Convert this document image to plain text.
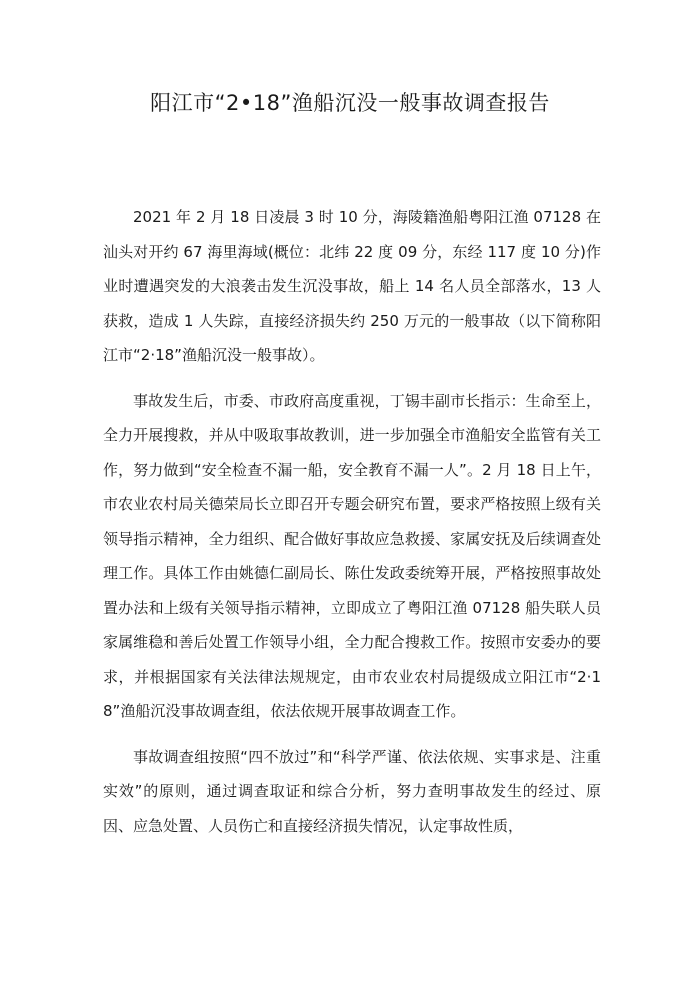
阳江市“2•18”渔船沉没一般事故调查报告

2021 年 2 月 18 日凌晨 3 时 10 分，海陵籍渔船粤阳江渔 07128 在汕头对开约 67 海里海域(概位：北纬 22 度 09 分，东经 117 度 10 分)作业时遭遇突发的大浪袭击发生沉没事故，船上 14 名人员全部落水，13 人获救，造成 1 人失踪，直接经济损失约 250 万元的一般事故（以下简称阳江市“2·18”渔船沉没一般事故）。

事故发生后，市委、市政府高度重视，丁锡丰副市长指示：生命至上，全力开展搜救，并从中吸取事故教训，进一步加强全市渔船安全监管有关工作，努力做到“安全检查不漏一船，安全教育不漏一人”。2 月 18 日上午，市农业农村局关德荣局长立即召开专题会研究布置，要求严格按照上级有关领导指示精神，全力组织、配合做好事故应急救援、家属安抚及后续调查处理工作。具体工作由姚德仁副局长、陈仕发政委统筹开展，严格按照事故处置办法和上级有关领导指示精神，立即成立了粤阳江渔 07128 船失联人员家属维稳和善后处置工作领导小组，全力配合搜救工作。按照市安委办的要求，并根据国家有关法律法规规定，由市农业农村局提级成立阳江市“2·18”渔船沉没事故调查组，依法依规开展事故调查工作。

事故调查组按照“四不放过”和“科学严谨、依法依规、实事求是、注重实效”的原则，通过调查取证和综合分析，努力查明事故发生的经过、原因、应急处置、人员伤亡和直接经济损失情况，认定事故性质，
